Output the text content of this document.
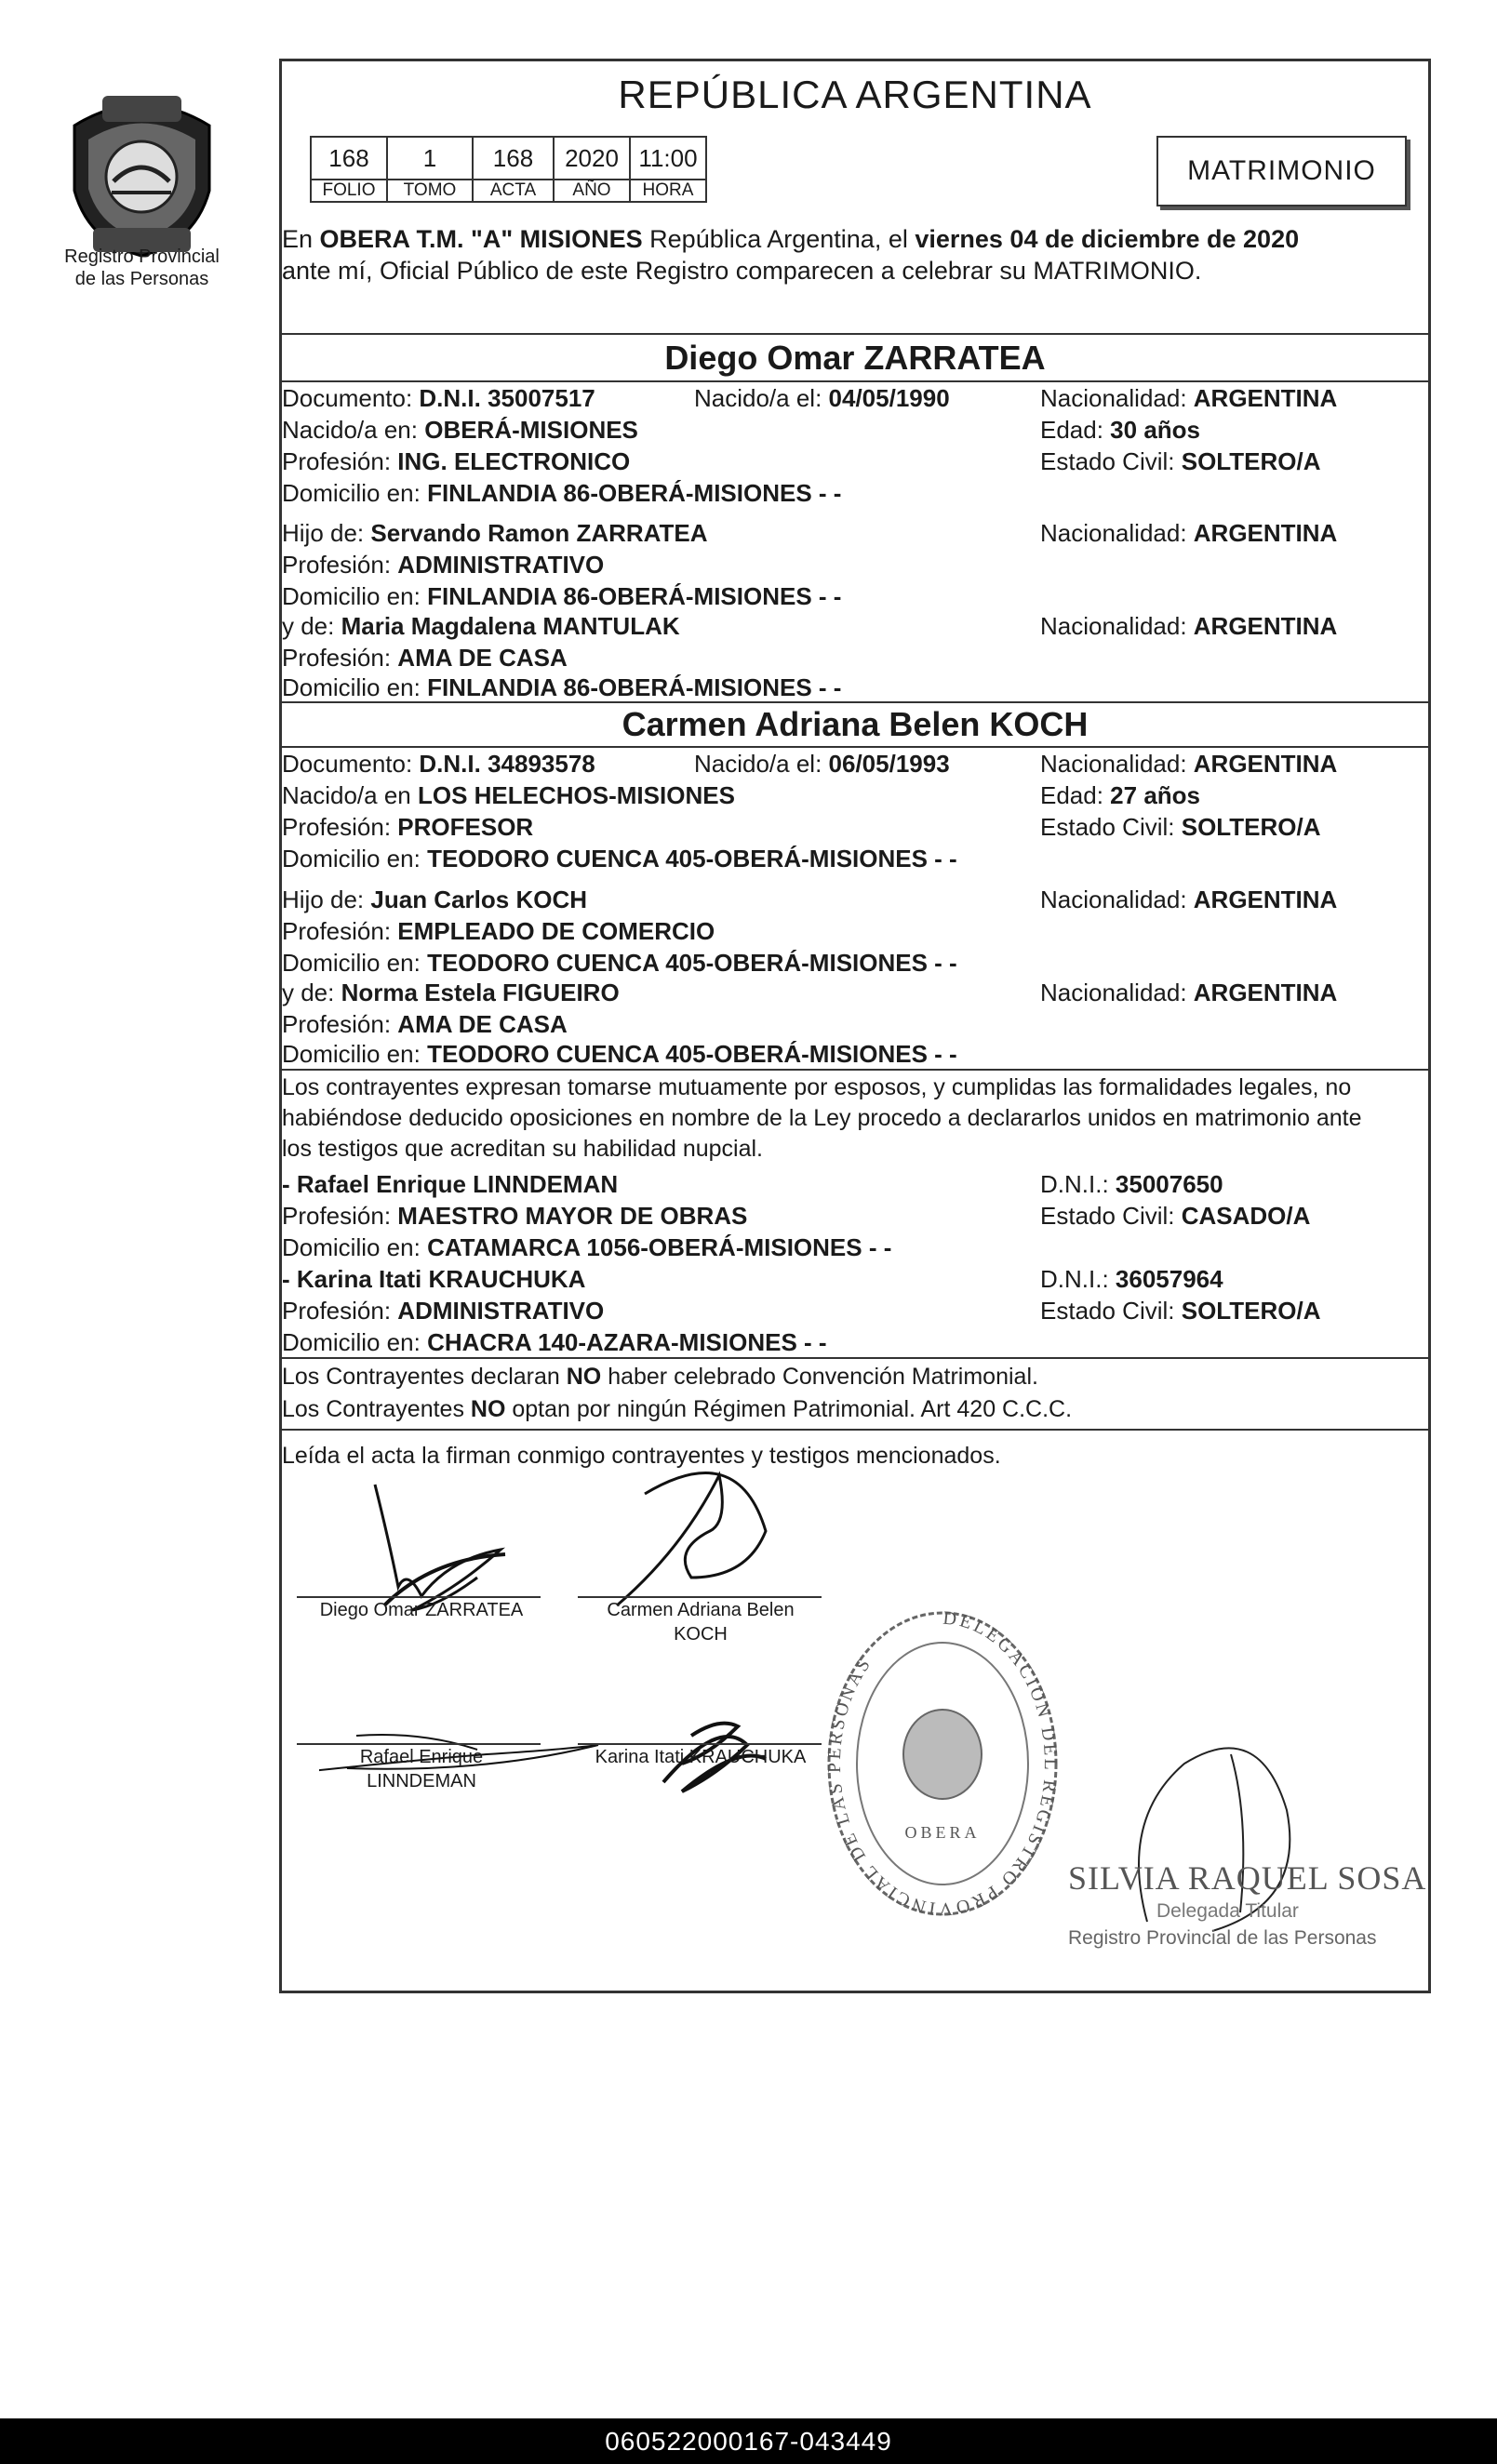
Registro Provincial
de las Personas
REPÚBLICA ARGENTINA
168	1	168	2020	11:00
FOLIO	TOMO	ACTA	AÑO	HORA
MATRIMONIO
En OBERA T.M. "A" MISIONES República Argentina, el viernes 04 de diciembre de 2020
ante mí, Oficial Público de este Registro comparecen a celebrar su MATRIMONIO.
Diego Omar ZARRATEA
Documento: D.N.I. 35007517	Nacido/a el: 04/05/1990	Nacionalidad: ARGENTINA
Nacido/a en: OBERÁ-MISIONES	Edad: 30 años
Profesión: ING. ELECTRONICO	Estado Civil: SOLTERO/A
Domicilio en: FINLANDIA 86-OBERÁ-MISIONES - -
Hijo de: Servando Ramon ZARRATEA	Nacionalidad: ARGENTINA
Profesión: ADMINISTRATIVO
Domicilio en: FINLANDIA 86-OBERÁ-MISIONES - -
y de: Maria Magdalena MANTULAK	Nacionalidad: ARGENTINA
Profesión: AMA DE CASA
Domicilio en: FINLANDIA 86-OBERÁ-MISIONES - -
Carmen Adriana Belen KOCH
Documento: D.N.I. 34893578	Nacido/a el: 06/05/1993	Nacionalidad: ARGENTINA
Nacido/a en LOS HELECHOS-MISIONES	Edad: 27 años
Profesión: PROFESOR	Estado Civil: SOLTERO/A
Domicilio en: TEODORO CUENCA 405-OBERÁ-MISIONES - -
Hijo de: Juan Carlos KOCH	Nacionalidad: ARGENTINA
Profesión: EMPLEADO DE COMERCIO
Domicilio en: TEODORO CUENCA 405-OBERÁ-MISIONES - -
y de: Norma Estela FIGUEIRO	Nacionalidad: ARGENTINA
Profesión: AMA DE CASA
Domicilio en: TEODORO CUENCA 405-OBERÁ-MISIONES - -
Los contrayentes expresan tomarse mutuamente por esposos, y cumplidas las formalidades legales, no
habiéndose deducido oposiciones en nombre de la Ley procedo a declararlos unidos en matrimonio ante
los testigos que acreditan su habilidad nupcial.
- Rafael Enrique LINNDEMAN	D.N.I.: 35007650
Profesión: MAESTRO MAYOR DE OBRAS	Estado Civil: CASADO/A
Domicilio en: CATAMARCA 1056-OBERÁ-MISIONES - -
- Karina Itati KRAUCHUKA	D.N.I.: 36057964
Profesión: ADMINISTRATIVO	Estado Civil: SOLTERO/A
Domicilio en: CHACRA 140-AZARA-MISIONES - -
Los Contrayentes declaran NO haber celebrado Convención Matrimonial.
Los Contrayentes NO optan por ningún Régimen Patrimonial. Art 420 C.C.C.
Leída el acta la firman conmigo contrayentes y testigos mencionados.
Diego Omar ZARRATEA	Carmen Adriana Belen
KOCH
Rafael Enrique
LINNDEMAN
Karina Itati KRAUCHUKA
DELEGACION DEL REGISTRO PROVINCIAL DE LAS PERSONAS
OBERA
SILVIA RAQUEL SOSA
Delegada Titular
Registro Provincial de las Personas
060522000167-043449
